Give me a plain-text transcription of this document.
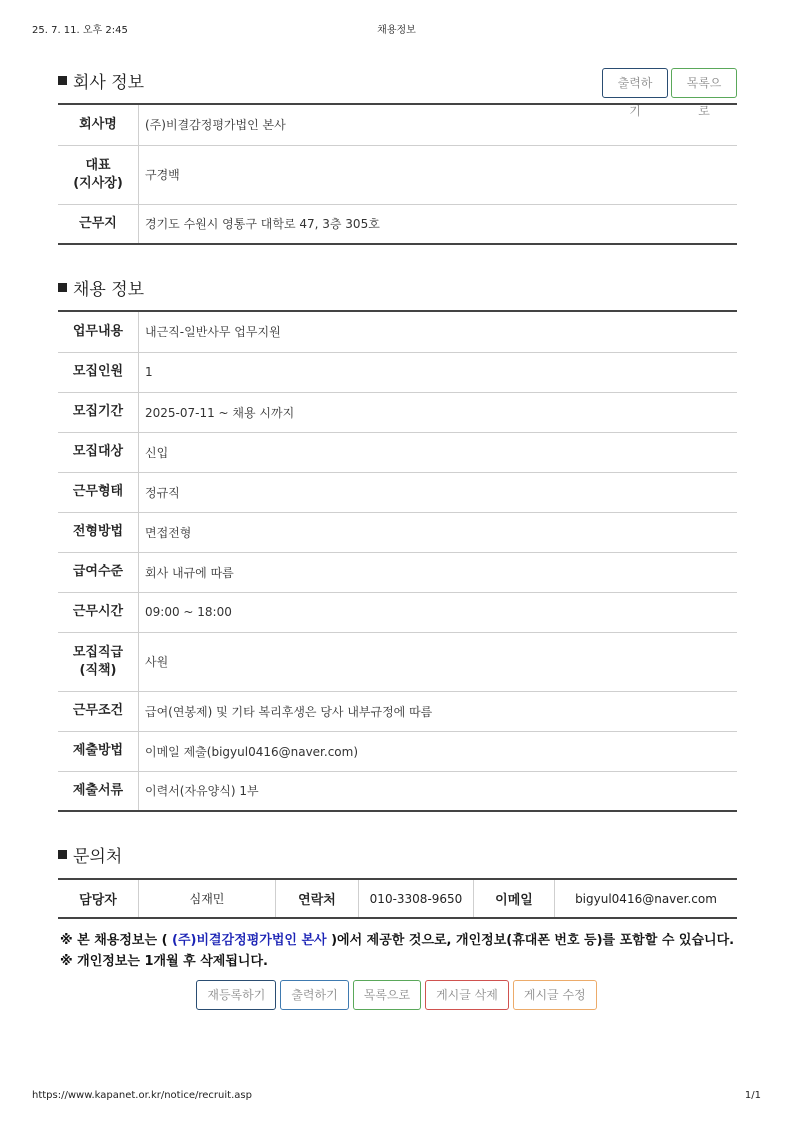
25. 7. 11. 오후 2:45	채용정보
회사 정보	출력하기
목록으로
회사명	(주)비결감정평가법인 본사
대표
(지사장)	구경백
근무지	경기도 수원시 영통구 대학로 47, 3층 305호
채용 정보
업무내용	내근직-일반사무 업무지원
모집인원	1
모집기간	2025-07-11 ~ 채용 시까지
모집대상	신입
근무형태	정규직
전형방법	면접전형
급여수준	회사 내규에 따름
근무시간	09:00 ~ 18:00
모집직급
(직책)	사원
근무조건	급여(연봉제) 및 기타 복리후생은 당사 내부규정에 따름
제출방법	이메일 제출(bigyul0416@naver.com)
제출서류	이력서(자유양식) 1부
문의처
담당자	심재민	연락처	010-3308-9650	이메일	bigyul0416@naver.com
※ 본 채용정보는 ( (주)비결감정평가법인 본사 )에서 제공한 것으로, 개인정보(휴대폰 번호 등)를 포함할 수 있습니다.
※ 개인정보는 1개월 후 삭제됩니다.
재등록하기	출력하기	목록으로	게시글 삭제	게시글 수정
https://www.kapanet.or.kr/notice/recruit.asp	1/1
